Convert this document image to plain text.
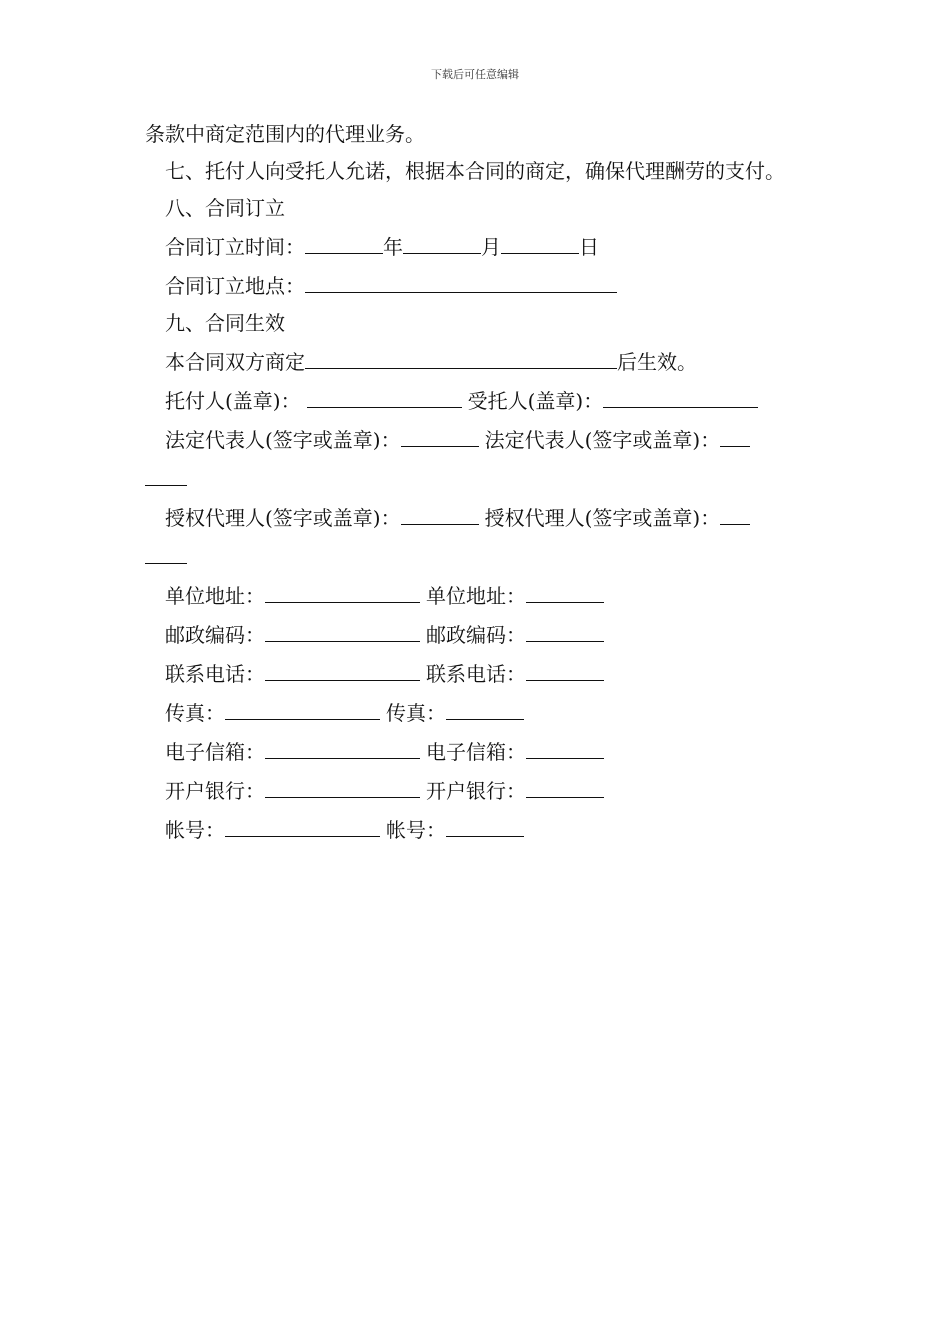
下载后可任意编辑

条款中商定范围内的代理业务。

七、托付人向受托人允诺，根据本合同的商定，确保代理酬劳的支付。

八、合同订立

合同订立时间：	年	月	日

合同订立地点：

九、合同生效

本合同双方商定	后生效。

托付人(盖章)：	受托人(盖章)：

法定代表人(签字或盖章)：	法定代表人(签字或盖章)：

授权代理人(签字或盖章)：	授权代理人(签字或盖章)：

单位地址：	单位地址：

邮政编码：	邮政编码：

联系电话：	联系电话：

传真：	传真：

电子信箱：	电子信箱：

开户银行：	开户银行：

帐号：	帐号：
